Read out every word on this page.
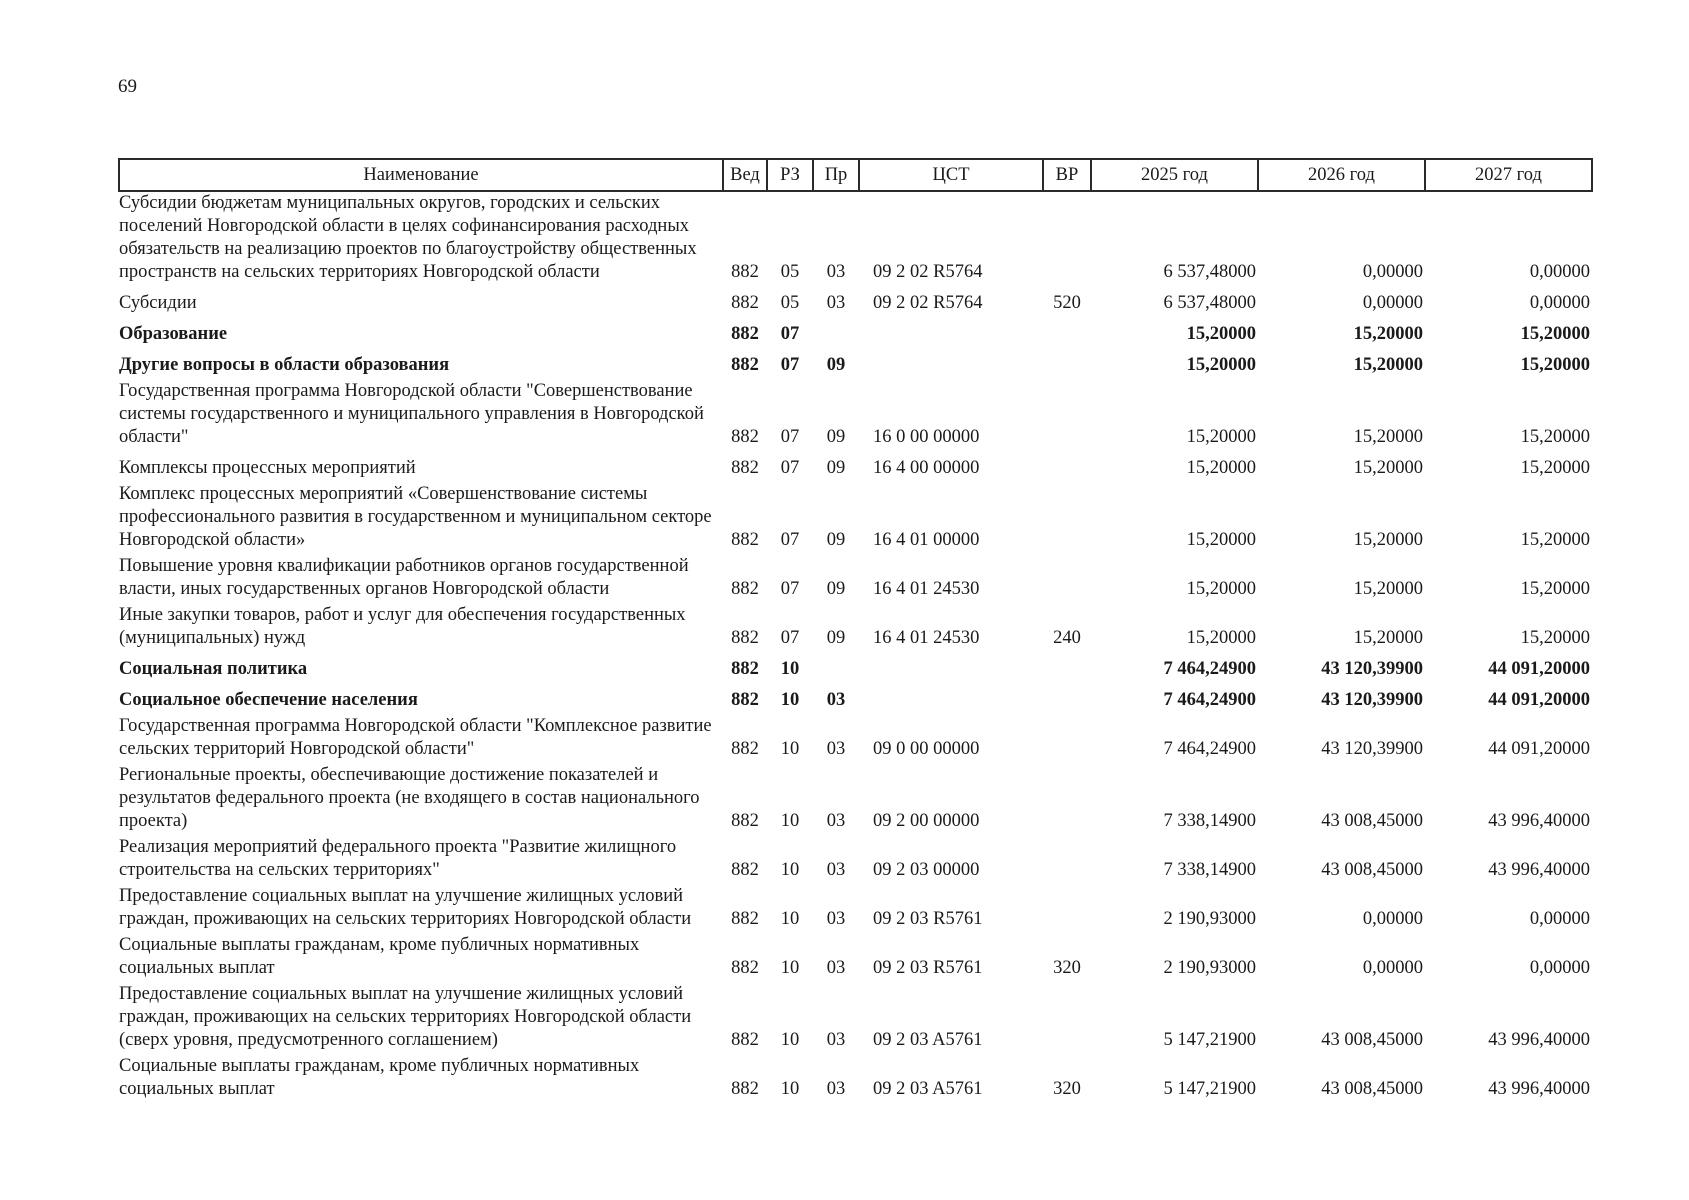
69
Наименование	Вед	РЗ	Пр	ЦСТ	ВР	2025 год	2026 год	2027 год
Субсидии бюджетам муниципальных округов, городских и сельских поселений Новгородской области в целях софинансирования расходных обязательств на реализацию проектов по благоустройству общественных пространств на сельских территориях Новгородской области	882	05	03	09 2 02 R5764		6 537,48000	0,00000	0,00000
Субсидии	882	05	03	09 2 02 R5764	520	6 537,48000	0,00000	0,00000
Образование	882	07				15,20000	15,20000	15,20000
Другие вопросы в области образования	882	07	09			15,20000	15,20000	15,20000
Государственная программа Новгородской области "Совершенствование системы государственного и муниципального управления в Новгородской области"	882	07	09	16 0 00 00000		15,20000	15,20000	15,20000
Комплексы процессных мероприятий	882	07	09	16 4 00 00000		15,20000	15,20000	15,20000
Комплекс процессных мероприятий «Совершенствование системы профессионального развития в государственном и муниципальном секторе Новгородской области»	882	07	09	16 4 01 00000		15,20000	15,20000	15,20000
Повышение уровня квалификации работников органов государственной власти, иных государственных органов Новгородской области	882	07	09	16 4 01 24530		15,20000	15,20000	15,20000
Иные закупки товаров, работ и услуг для обеспечения государственных (муниципальных) нужд	882	07	09	16 4 01 24530	240	15,20000	15,20000	15,20000
Социальная политика	882	10				7 464,24900	43 120,39900	44 091,20000
Социальное обеспечение населения	882	10	03			7 464,24900	43 120,39900	44 091,20000
Государственная программа Новгородской области "Комплексное развитие сельских территорий Новгородской области"	882	10	03	09 0 00 00000		7 464,24900	43 120,39900	44 091,20000
Региональные проекты, обеспечивающие достижение показателей и результатов федерального проекта (не входящего в состав национального проекта)	882	10	03	09 2 00 00000		7 338,14900	43 008,45000	43 996,40000
Реализация мероприятий федерального проекта "Развитие жилищного строительства на сельских территориях"	882	10	03	09 2 03 00000		7 338,14900	43 008,45000	43 996,40000
Предоставление социальных выплат на улучшение жилищных условий граждан, проживающих на сельских территориях Новгородской области	882	10	03	09 2 03 R5761		2 190,93000	0,00000	0,00000
Социальные выплаты гражданам, кроме публичных нормативных социальных выплат	882	10	03	09 2 03 R5761	320	2 190,93000	0,00000	0,00000
Предоставление социальных выплат на улучшение жилищных условий граждан, проживающих на сельских территориях Новгородской области (сверх уровня, предусмотренного соглашением)	882	10	03	09 2 03 A5761		5 147,21900	43 008,45000	43 996,40000
Социальные выплаты гражданам, кроме публичных нормативных социальных выплат	882	10	03	09 2 03 A5761	320	5 147,21900	43 008,45000	43 996,40000
